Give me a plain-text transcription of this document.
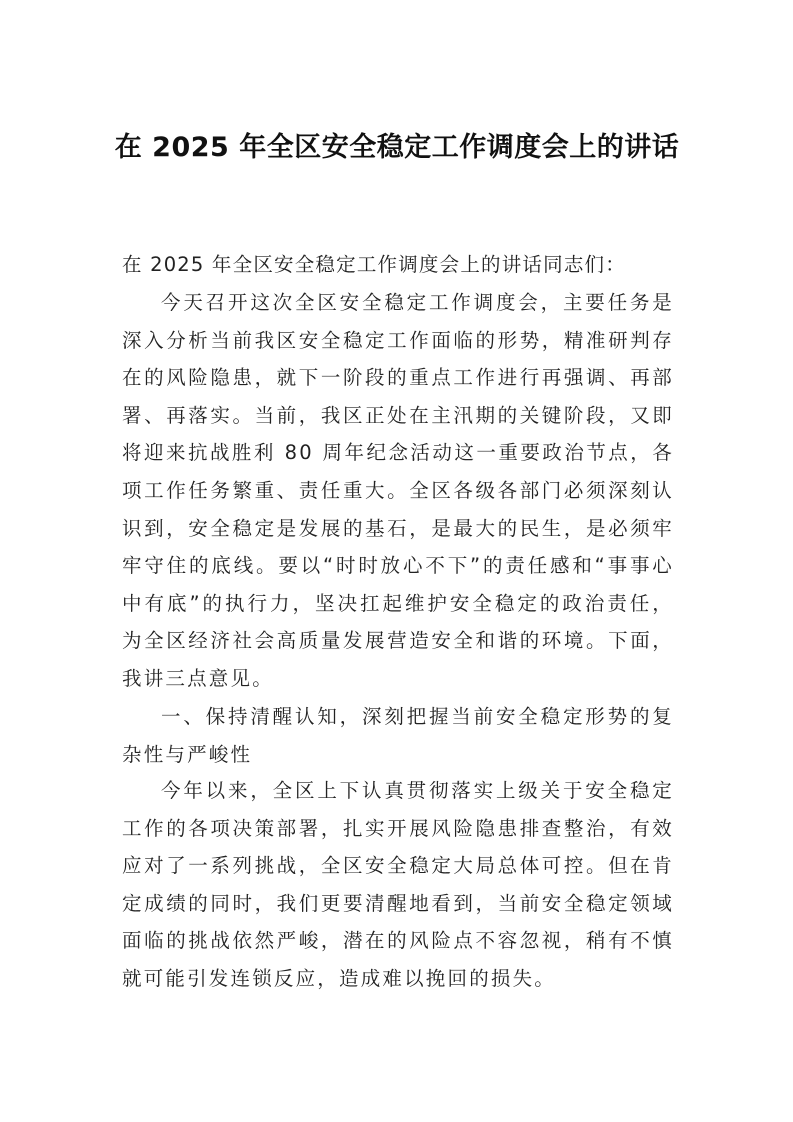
在 2025 年全区安全稳定工作调度会上的讲话

在 2025 年全区安全稳定工作调度会上的讲话同志们：

今天召开这次全区安全稳定工作调度会，主要任务是深入分析当前我区安全稳定工作面临的形势，精准研判存在的风险隐患，就下一阶段的重点工作进行再强调、再部署、再落实。当前，我区正处在主汛期的关键阶段，又即将迎来抗战胜利 80 周年纪念活动这一重要政治节点，各项工作任务繁重、责任重大。全区各级各部门必须深刻认识到，安全稳定是发展的基石，是最大的民生，是必须牢牢守住的底线。要以“时时放心不下”的责任感和“事事心中有底”的执行力，坚决扛起维护安全稳定的政治责任，为全区经济社会高质量发展营造安全和谐的环境。下面，我讲三点意见。

一、保持清醒认知，深刻把握当前安全稳定形势的复杂性与严峻性

今年以来，全区上下认真贯彻落实上级关于安全稳定工作的各项决策部署，扎实开展风险隐患排查整治，有效应对了一系列挑战，全区安全稳定大局总体可控。但在肯定成绩的同时，我们更要清醒地看到，当前安全稳定领域面临的挑战依然严峻，潜在的风险点不容忽视，稍有不慎就可能引发连锁反应，造成难以挽回的损失。
